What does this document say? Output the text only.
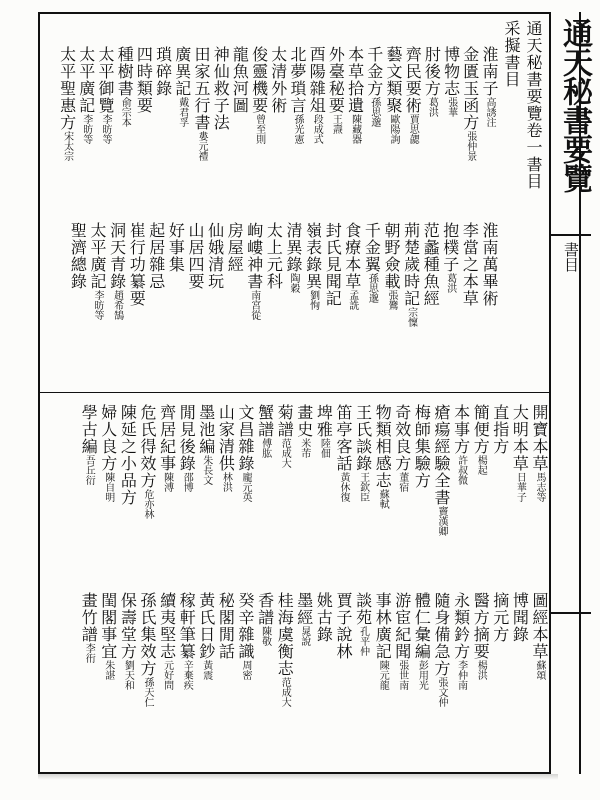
通天秘書要覽
書目
通天秘書要覽卷一書目
采擬書目
淮南子高誘注
金匱玉函方張仲景
博物志張華
肘後方葛洪
齊民要術賈思勰
藝文類聚歐陽詢
千金方孫思邈
本草拾遺陳藏器
外臺秘要王燾
酉陽雜俎段成式
北夢瑣言孫光憲
太清外術
俊靈機要曾至則
龍魚河圖
神仙救子法
田家五行書婁元禮
廣異記戴君孚
瑣碎錄
四時類要
種樹書俞宗本
太平御覽李昉等
太平廣記李昉等
太平聖惠方宋太宗
淮南萬畢術
李當之本草
抱樸子葛洪
范蠡種魚經
荊楚歲時記宗懍
朝野僉載張鷟
千金翼孫思邈
食療本草孟詵
封氏見聞記
嶺表錄異劉恂
清異錄陶穀
太上元科
峋嶁神書南宮從
房屋經
仙娥清玩
山居四要
好事集
起居雜忌
崔行功纂要
洞天青錄趙希鵠
太平廣記李昉等
聖濟總錄
開寶本草馬志等
大明本草日華子
直指方
簡便方楊起
本事方許叔微
瘡瘍經驗全書竇漢卿
梅師集驗方
奇效良方董宿
物類相感志蘇軾
王氏談錄王欽臣
笛亭客話黃休復
埤雅陸佃
畫史米芾
菊譜范成大
蟹譜傅肱
文昌雜錄龐元英
山家清供林洪
墨池編朱長文
閒見後錄邵博
齊居紀事陳溥
危氏得效方危亦林
陳延之小品方
婦人良方陳自明
學古編吾丘衍
圖經本草蘇頌
博聞錄
摘元方
醫方摘要楊洪
永類鈐方李仲南
隨身備急方張文仲
體仁彙編彭用光
游宦紀聞張世南
事林廣記陳元龍
談苑孔平仲
賈子說林
姚古錄
墨經晁說
桂海虞衡志范成大
香譜陳敬
癸辛雜識周密
秘閣閒話
黃氏日鈔黃震
稼軒筆纂辛棄疾
續夷堅志元好問
孫氏集效方孫天仁
保壽堂方劉天和
閨閣事宜朱諶
畫竹譜李衎
